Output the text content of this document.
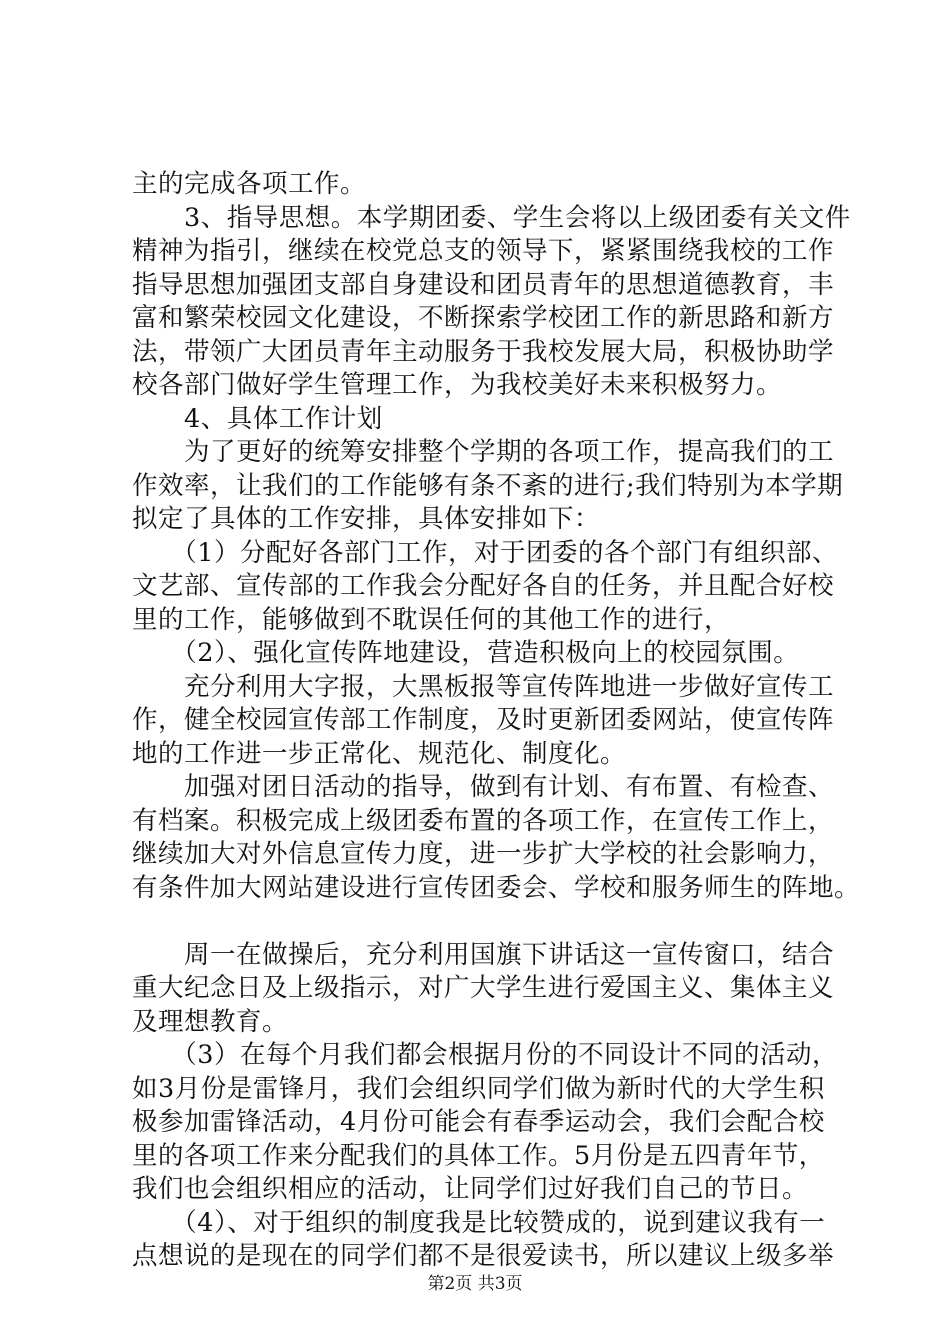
主的完成各项工作。
　　3、指导思想。本学期团委、学生会将以上级团委有关文件
精神为指引，继续在校党总支的领导下，紧紧围绕我校的工作
指导思想加强团支部自身建设和团员青年的思想道德教育，丰
富和繁荣校园文化建设，不断探索学校团工作的新思路和新方
法，带领广大团员青年主动服务于我校发展大局，积极协助学
校各部门做好学生管理工作，为我校美好未来积极努力。
　　4、具体工作计划
　　为了更好的统筹安排整个学期的各项工作，提高我们的工
作效率，让我们的工作能够有条不紊的进行;我们特别为本学期
拟定了具体的工作安排，具体安排如下：
　　（1）分配好各部门工作，对于团委的各个部门有组织部、
文艺部、宣传部的工作我会分配好各自的任务，并且配合好校
里的工作，能够做到不耽误任何的其他工作的进行，
　　（2）、强化宣传阵地建设，营造积极向上的校园氛围。
　　充分利用大字报，大黑板报等宣传阵地进一步做好宣传工
作，健全校园宣传部工作制度，及时更新团委网站，使宣传阵
地的工作进一步正常化、规范化、制度化。
　　加强对团日活动的指导，做到有计划、有布置、有检查、
有档案。积极完成上级团委布置的各项工作，在宣传工作上，
继续加大对外信息宣传力度，进一步扩大学校的社会影响力，
有条件加大网站建设进行宣传团委会、学校和服务师生的阵地。
　　周一在做操后，充分利用国旗下讲话这一宣传窗口，结合
重大纪念日及上级指示，对广大学生进行爱国主义、集体主义
及理想教育。
　　（3）在每个月我们都会根据月份的不同设计不同的活动，
如3月份是雷锋月，我们会组织同学们做为新时代的大学生积
极参加雷锋活动，4月份可能会有春季运动会，我们会配合校
里的各项工作来分配我们的具体工作。5月份是五四青年节，
我们也会组织相应的活动，让同学们过好我们自己的节日。
　　（4）、对于组织的制度我是比较赞成的，说到建议我有一
点想说的是现在的同学们都不是很爱读书，所以建议上级多举
第2页 共3页
